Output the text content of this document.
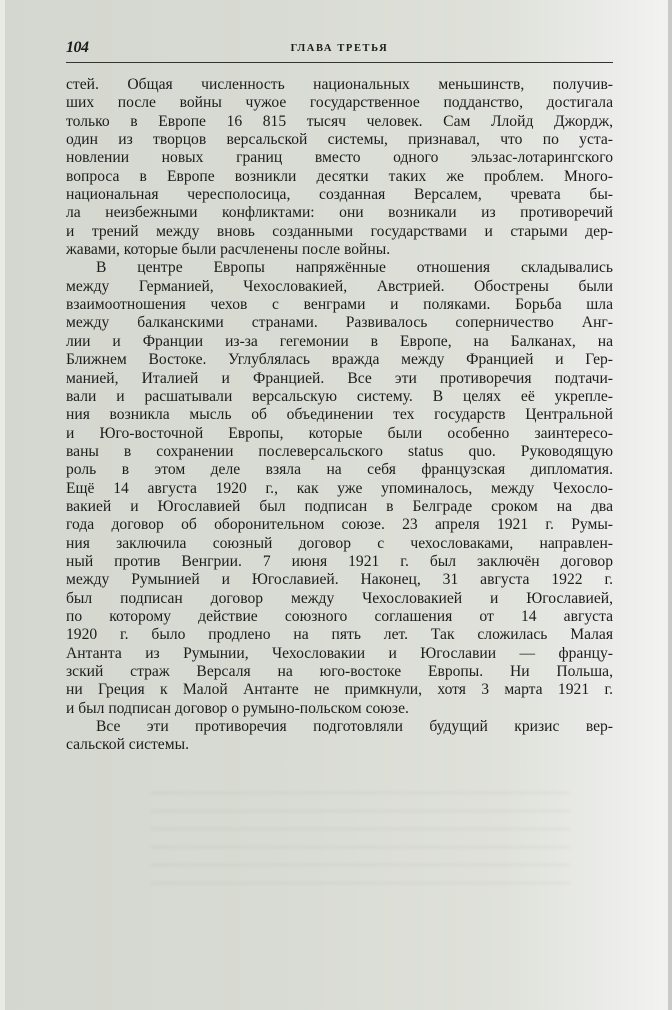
104	ГЛАВА ТРЕТЬЯ
стей. Общая численность национальных меньшинств, получив-
ших после войны чужое государственное подданство, достигала
только в Европе 16 815 тысяч человек. Сам Ллойд Джордж,
один из творцов версальской системы, признавал, что по уста-
новлении новых границ вместо одного эльзас-лотарингского
вопроса в Европе возникли десятки таких же проблем. Много-
национальная чересполосица, созданная Версалем, чревата бы-
ла неизбежными конфликтами: они возникали из противоречий
и трений между вновь созданными государствами и старыми дер-
жавами, которые были расчленены после войны.
В центре Европы напряжённые отношения складывались
между Германией, Чехословакией, Австрией. Обострены были
взаимоотношения чехов с венграми и поляками. Борьба шла
между балканскими странами. Развивалось соперничество Анг-
лии и Франции из-за гегемонии в Европе, на Балканах, на
Ближнем Востоке. Углублялась вражда между Францией и Гер-
манией, Италией и Францией. Все эти противоречия подтачи-
вали и расшатывали версальскую систему. В целях её укрепле-
ния возникла мысль об объединении тех государств Центральной
и Юго-восточной Европы, которые были особенно заинтересо-
ваны в сохранении послеверсальского status quo. Руководящую
роль в этом деле взяла на себя французская дипломатия.
Ещё 14 августа 1920 г., как уже упоминалось, между Чехосло-
вакией и Югославией был подписан в Белграде сроком на два
года договор об оборонительном союзе. 23 апреля 1921 г. Румы-
ния заключила союзный договор с чехословаками, направлен-
ный против Венгрии. 7 июня 1921 г. был заключён договор
между Румынией и Югославией. Наконец, 31 августа 1922 г.
был подписан договор между Чехословакией и Югославией,
по которому действие союзного соглашения от 14 августа
1920 г. было продлено на пять лет. Так сложилась Малая
Антанта из Румынии, Чехословакии и Югославии — францу-
зский страж Версаля на юго-востоке Европы. Ни Польша,
ни Греция к Малой Антанте не примкнули, хотя 3 марта 1921 г.
и был подписан договор о румыно-польском союзе.
Все эти противоречия подготовляли будущий кризис вер-
сальской системы.
